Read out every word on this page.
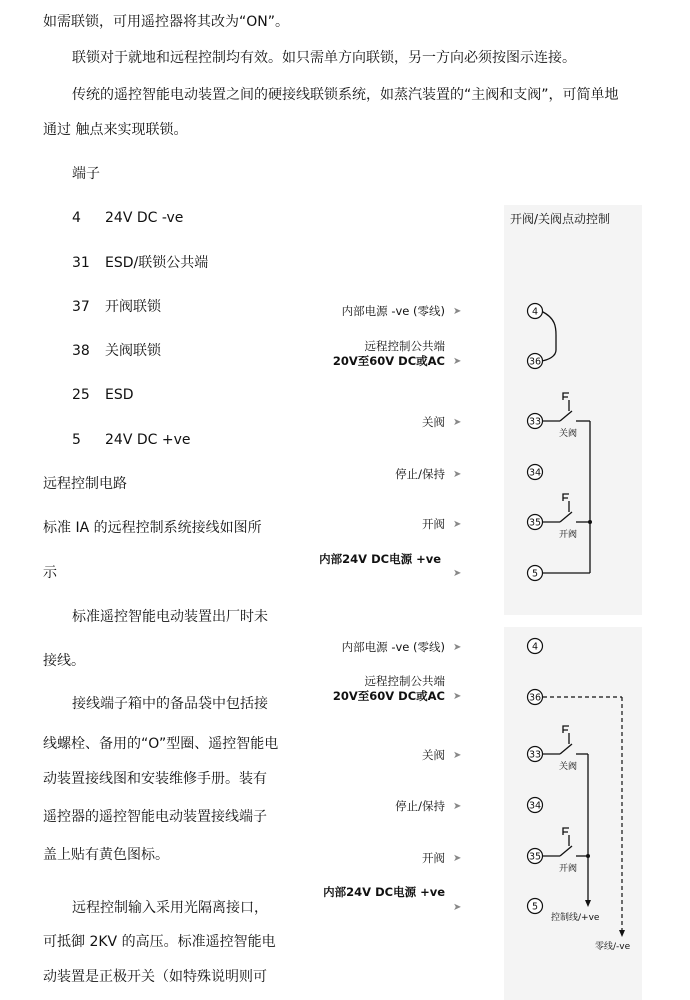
如需联锁，可用遥控器将其改为“ON”。
联锁对于就地和远程控制均有效。如只需单方向联锁，另一方向必须按图示连接。
传统的遥控智能电动装置之间的硬接线联锁系统，如蒸汽装置的“主阀和支阀”，可简单地
通过 触点来实现联锁。
端子
4 24V DC -ve
31 ESD/联锁公共端
37 开阀联锁
38 关阀联锁
25 ESD
5 24V DC +ve
远程控制电路
标准 IA 的远程控制系统接线如图所
示
标准遥控智能电动装置出厂时未
接线。
接线端子箱中的备品袋中包括接
线螺栓、备用的“O”型圈、遥控智能电
动装置接线图和安装维修手册。装有
遥控器的遥控智能电动装置接线端子
盖上贴有黄色图标。
远程控制输入采用光隔离接口，
可抵御 2KV 的高压。标准遥控智能电
动装置是正极开关（如特殊说明则可
开阀/关阀点动控制
内部电源 -ve (零线)
远程控制公共端
20V至60V DC或AC
关阀
停止/保持
开阀
内部24V DC电源 +ve
内部电源 -ve (零线)
远程控制公共端
20V至60V DC或AC
关阀
停止/保持
开阀
内部24V DC电源 +ve
➤
➤
➤
➤
➤
➤
➤
➤
➤
➤
➤
➤
4
36
33
34
35
5
4
36
33
34
35
5
关阀
开阀
关阀
开阀
控制线/+ve
零线/-ve
